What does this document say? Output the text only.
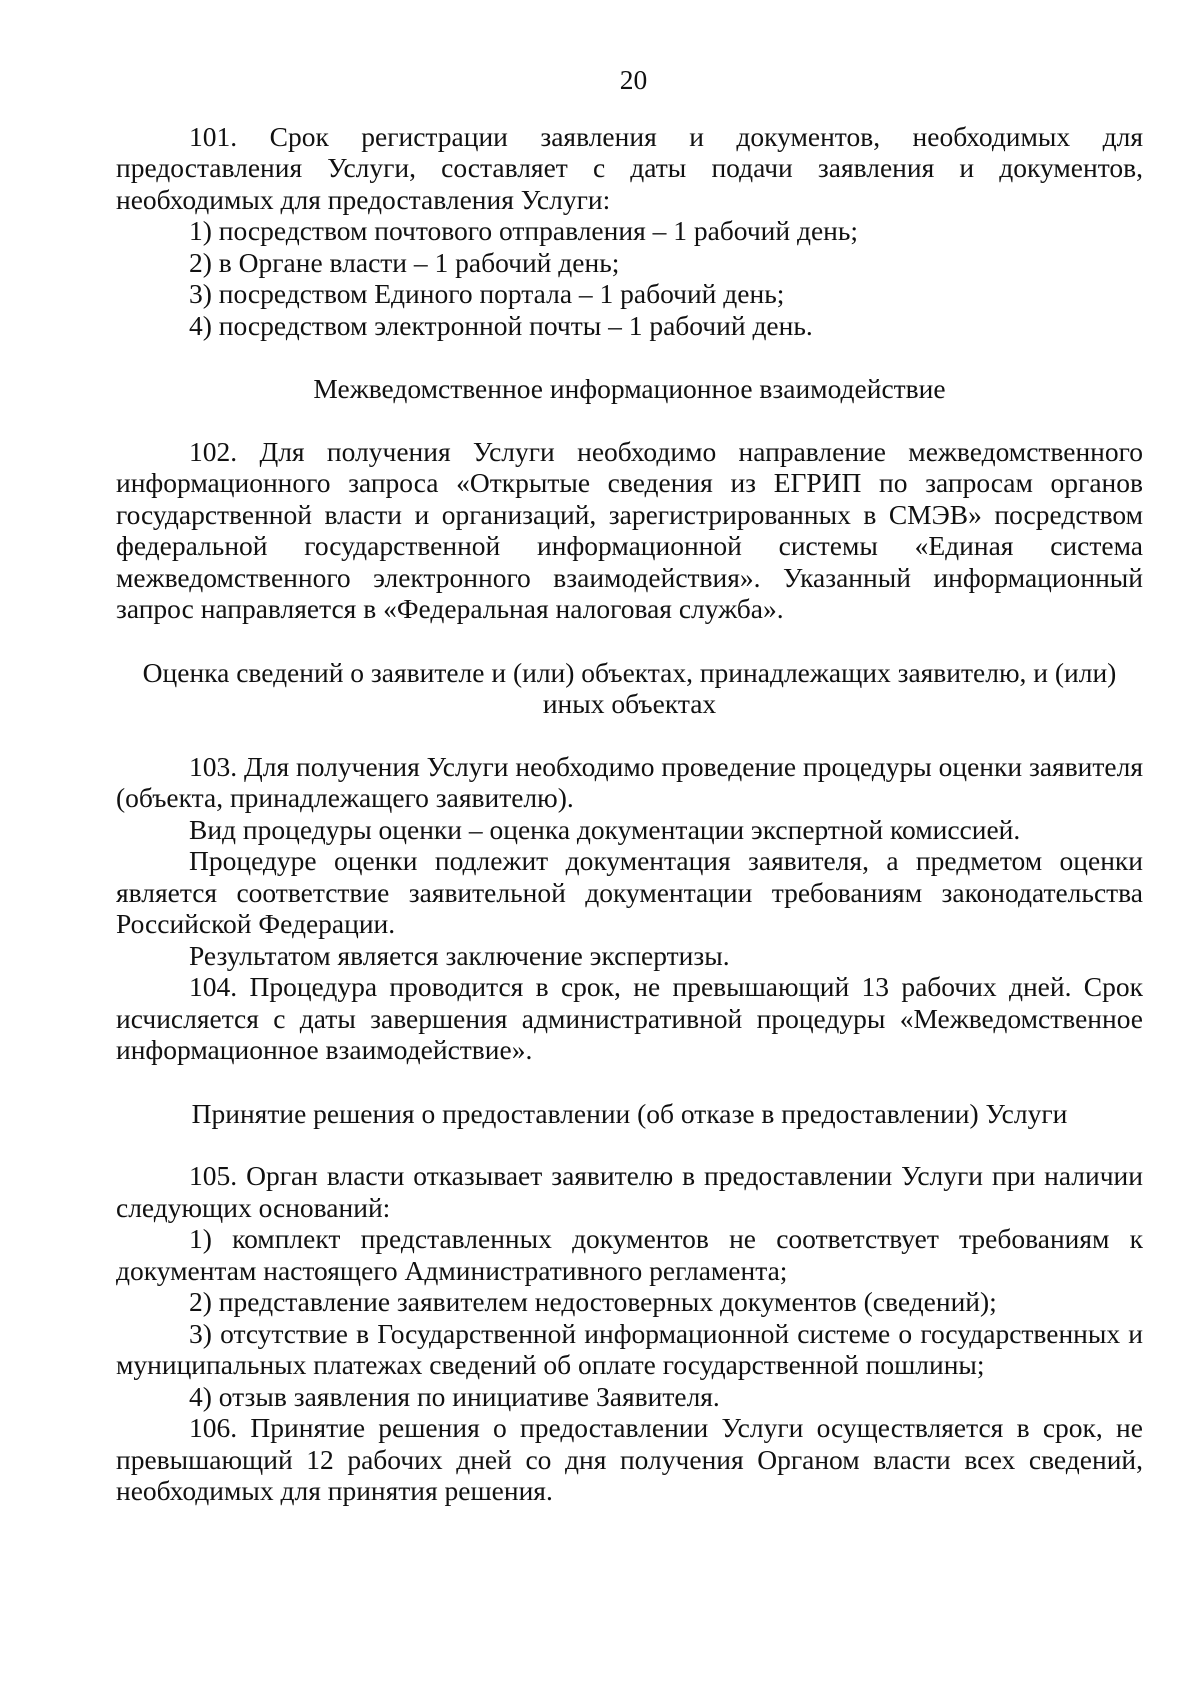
20

101. Срок регистрации заявления и документов, необходимых для предоставления Услуги, составляет с даты подачи заявления и документов, необходимых для предоставления Услуги:

1) посредством почтового отправления – 1 рабочий день;

2) в Органе власти – 1 рабочий день;

3) посредством Единого портала – 1 рабочий день;

4) посредством электронной почты – 1 рабочий день.

Межведомственное информационное взаимодействие

102. Для получения Услуги необходимо направление межведомственного информационного запроса «Открытые сведения из ЕГРИП по запросам органов государственной власти и организаций, зарегистрированных в СМЭВ» посредством федеральной государственной информационной системы «Единая система межведомственного электронного взаимодействия». Указанный информационный запрос направляется в «Федеральная налоговая служба».

Оценка сведений о заявителе и (или) объектах, принадлежащих заявителю, и (или)

иных объектах

103. Для получения Услуги необходимо проведение процедуры оценки заявителя (объекта, принадлежащего заявителю).

Вид процедуры оценки – оценка документации экспертной комиссией.

Процедуре оценки подлежит документация заявителя, а предметом оценки является соответствие заявительной документации требованиям законодательства Российской Федерации.

Результатом является заключение экспертизы.

104. Процедура проводится в срок, не превышающий 13 рабочих дней. Срок исчисляется с даты завершения административной процедуры «Межведомственное информационное взаимодействие».

Принятие решения о предоставлении (об отказе в предоставлении) Услуги

105. Орган власти отказывает заявителю в предоставлении Услуги при наличии следующих оснований:

1) комплект представленных документов не соответствует требованиям к документам настоящего Административного регламента;

2) представление заявителем недостоверных документов (сведений);

3) отсутствие в Государственной информационной системе о государственных и муниципальных платежах сведений об оплате государственной пошлины;

4) отзыв заявления по инициативе Заявителя.

106. Принятие решения о предоставлении Услуги осуществляется в срок, не превышающий 12 рабочих дней со дня получения Органом власти всех сведений, необходимых для принятия решения.
